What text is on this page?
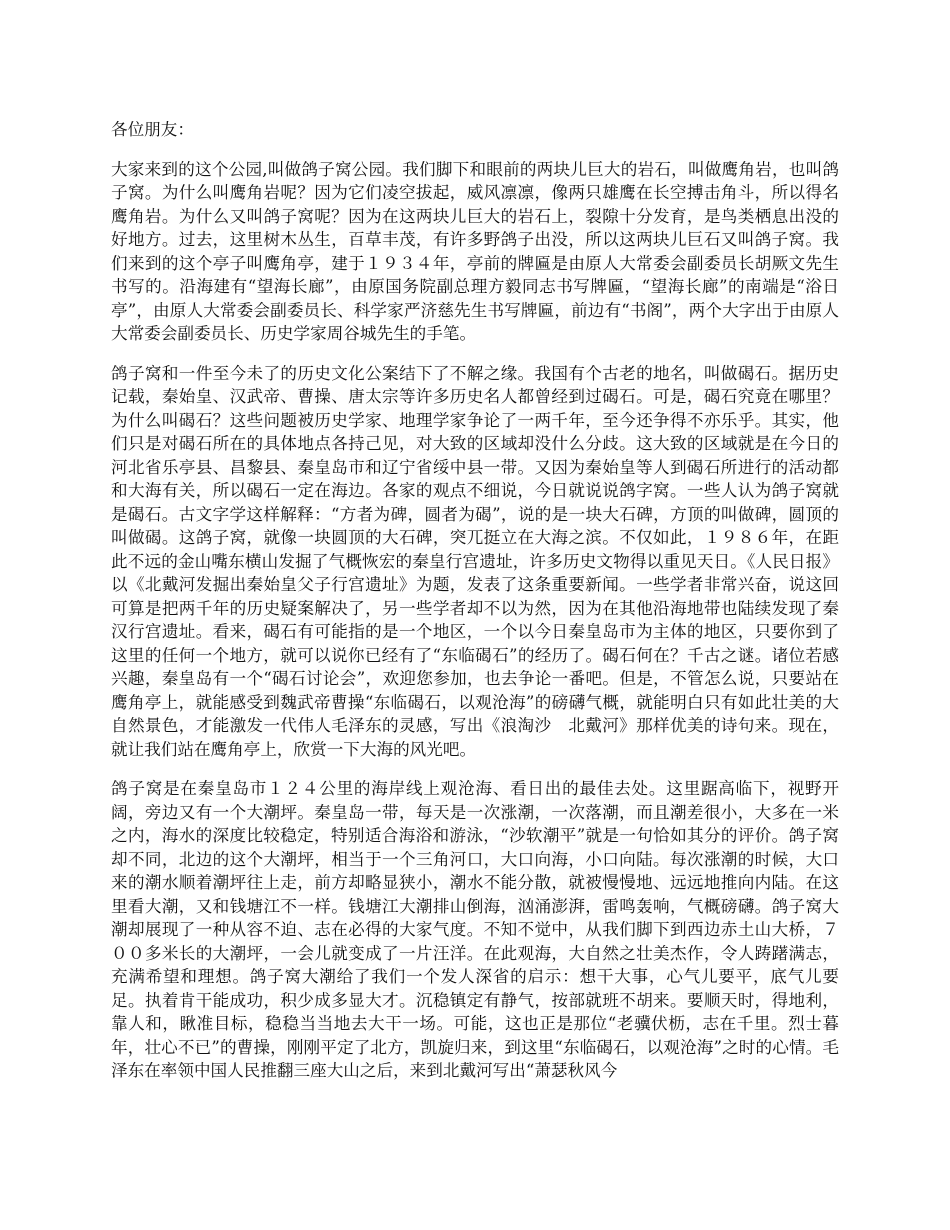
各位朋友：

大家来到的这个公园,叫做鸽子窝公园。我们脚下和眼前的两块儿巨大的岩石，叫做鹰角岩，也叫鸽子窝。为什么叫鹰角岩呢？因为它们凌空拔起，威风凛凛，像两只雄鹰在长空搏击角斗，所以得名鹰角岩。为什么又叫鸽子窝呢？因为在这两块儿巨大的岩石上，裂隙十分发育，是鸟类栖息出没的好地方。过去，这里树木丛生，百草丰茂，有许多野鸽子出没，所以这两块儿巨石又叫鸽子窝。我们来到的这个亭子叫鹰角亭，建于１９３４年，亭前的牌匾是由原人大常委会副委员长胡厥文先生书写的。沿海建有“望海长廊”，由原国务院副总理方毅同志书写牌匾，“望海长廊”的南端是“浴日亭”，由原人大常委会副委员长、科学家严济慈先生书写牌匾，前边有“书阁”，两个大字出于由原人大常委会副委员长、历史学家周谷城先生的手笔。

鸽子窝和一件至今未了的历史文化公案结下了不解之缘。我国有个古老的地名，叫做碣石。据历史记载，秦始皇、汉武帝、曹操、唐太宗等许多历史名人都曾经到过碣石。可是，碣石究竟在哪里？为什么叫碣石？这些问题被历史学家、地理学家争论了一两千年，至今还争得不亦乐乎。其实，他们只是对碣石所在的具体地点各持己见，对大致的区域却没什么分歧。这大致的区域就是在今日的河北省乐亭县、昌黎县、秦皇岛市和辽宁省绥中县一带。又因为秦始皇等人到碣石所进行的活动都和大海有关，所以碣石一定在海边。各家的观点不细说，今日就说说鸽字窝。一些人认为鸽子窝就是碣石。古文字学这样解释：“方者为碑，圆者为碣”，说的是一块大石碑，方顶的叫做碑，圆顶的叫做碣。这鸽子窝，就像一块圆顶的大石碑，突兀挺立在大海之滨。不仅如此，１９８６年，在距此不远的金山嘴东横山发掘了气概恢宏的秦皇行宫遗址，许多历史文物得以重见天日。《人民日报》以《北戴河发掘出秦始皇父子行宫遗址》为题，发表了这条重要新闻。一些学者非常兴奋，说这回可算是把两千年的历史疑案解决了，另一些学者却不以为然，因为在其他沿海地带也陆续发现了秦汉行宫遗址。看来，碣石有可能指的是一个地区，一个以今日秦皇岛市为主体的地区，只要你到了这里的任何一个地方，就可以说你已经有了“东临碣石”的经历了。碣石何在？千古之谜。诸位若感兴趣，秦皇岛有一个“碣石讨论会”，欢迎您参加，也去争论一番吧。但是，不管怎么说，只要站在鹰角亭上，就能感受到魏武帝曹操“东临碣石，以观沧海”的磅礴气概，就能明白只有如此壮美的大自然景色，才能激发一代伟人毛泽东的灵感，写出《浪淘沙　北戴河》那样优美的诗句来。现在，就让我们站在鹰角亭上，欣赏一下大海的风光吧。

鸽子窝是在秦皇岛市１２４公里的海岸线上观沧海、看日出的最佳去处。这里踞高临下，视野开阔，旁边又有一个大潮坪。秦皇岛一带，每天是一次涨潮，一次落潮，而且潮差很小，大多在一米之内，海水的深度比较稳定，特别适合海浴和游泳，“沙软潮平”就是一句恰如其分的评价。鸽子窝却不同，北边的这个大潮坪，相当于一个三角河口，大口向海，小口向陆。每次涨潮的时候，大口来的潮水顺着潮坪往上走，前方却略显狭小，潮水不能分散，就被慢慢地、远远地推向内陆。在这里看大潮，又和钱塘江不一样。钱塘江大潮排山倒海，汹涌澎湃，雷鸣轰响，气概磅礴。鸽子窝大潮却展现了一种从容不迫、志在必得的大家气度。不知不觉中，从我们脚下到西边赤土山大桥，７００多米长的大潮坪，一会儿就变成了一片汪洋。在此观海，大自然之壮美杰作，令人踌躇满志，充满希望和理想。鸽子窝大潮给了我们一个发人深省的启示：想干大事，心气儿要平，底气儿要足。执着肯干能成功，积少成多显大才。沉稳镇定有静气，按部就班不胡来。要顺天时，得地利，靠人和，瞅准目标，稳稳当当地去大干一场。可能，这也正是那位“老骥伏枥，志在千里。烈士暮年，壮心不已”的曹操，刚刚平定了北方，凯旋归来，到这里“东临碣石，以观沧海”之时的心情。毛泽东在率领中国人民推翻三座大山之后，来到北戴河写出“萧瑟秋风今
